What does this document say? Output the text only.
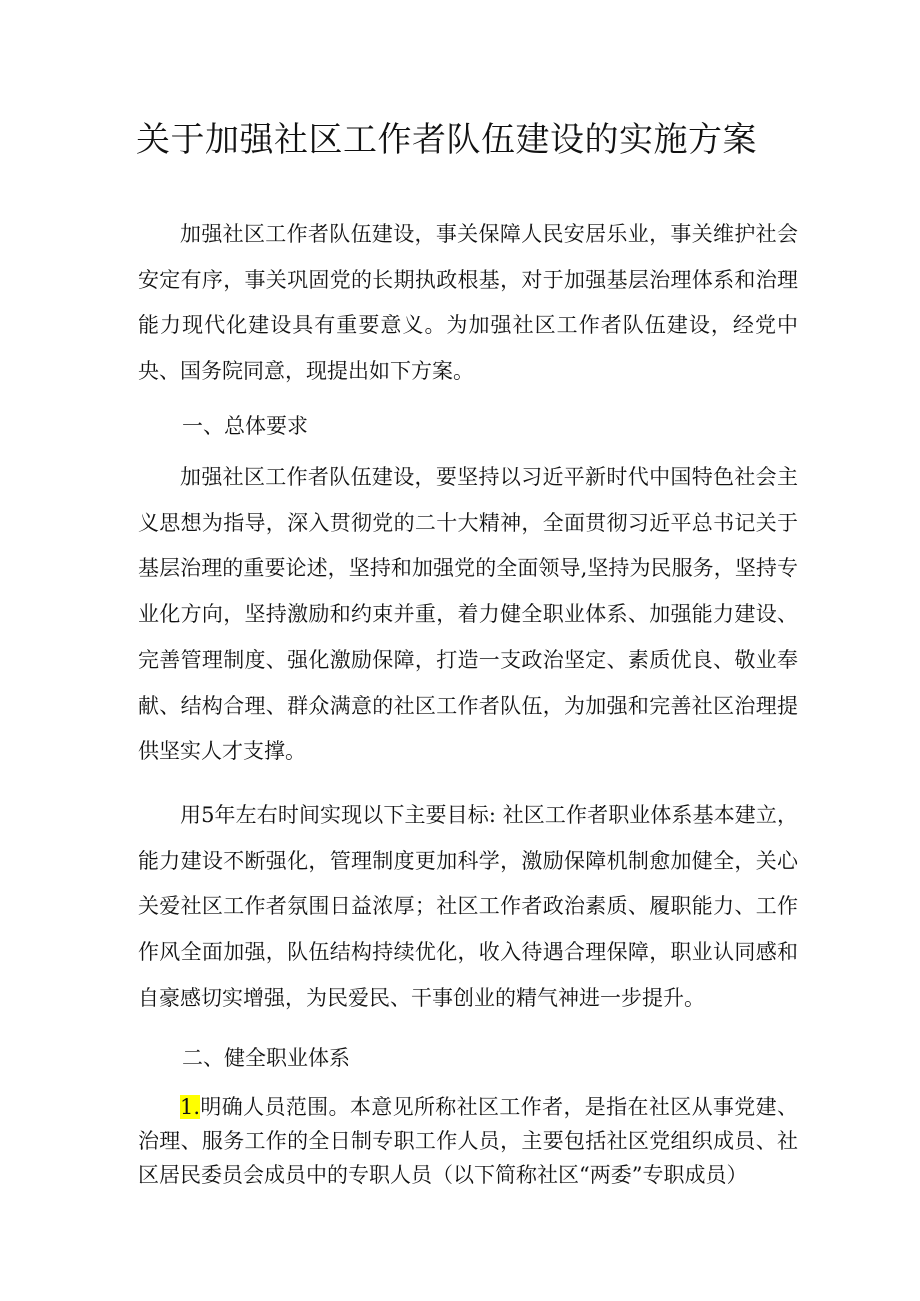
关于加强社区工作者队伍建设的实施方案

加强社区工作者队伍建设，事关保障人民安居乐业，事关维护社会安定有序，事关巩固党的长期执政根基，对于加强基层治理体系和治理能力现代化建设具有重要意义。为加强社区工作者队伍建设，经党中央、国务院同意，现提出如下方案。

一、总体要求

加强社区工作者队伍建设，要坚持以习近平新时代中国特色社会主义思想为指导，深入贯彻党的二十大精神，全面贯彻习近平总书记关于基层治理的重要论述，坚持和加强党的全面领导,坚持为民服务，坚持专业化方向，坚持激励和约束并重，着力健全职业体系、加强能力建设、完善管理制度、强化激励保障，打造一支政治坚定、素质优良、敬业奉献、结构合理、群众满意的社区工作者队伍，为加强和完善社区治理提供坚实人才支撑。

用5年左右时间实现以下主要目标: 社区工作者职业体系基本建立，能力建设不断强化，管理制度更加科学，激励保障机制愈加健全，关心关爱社区工作者氛围日益浓厚；社区工作者政治素质、履职能力、工作作风全面加强，队伍结构持续优化，收入待遇合理保障，职业认同感和自豪感切实增强，为民爱民、干事创业的精气神进一步提升。

二、健全职业体系

1.明确人员范围。本意见所称社区工作者，是指在社区从事党建、治理、服务工作的全日制专职工作人员，主要包括社区党组织成员、社区居民委员会成员中的专职人员（以下简称社区“两委”专职成员）
